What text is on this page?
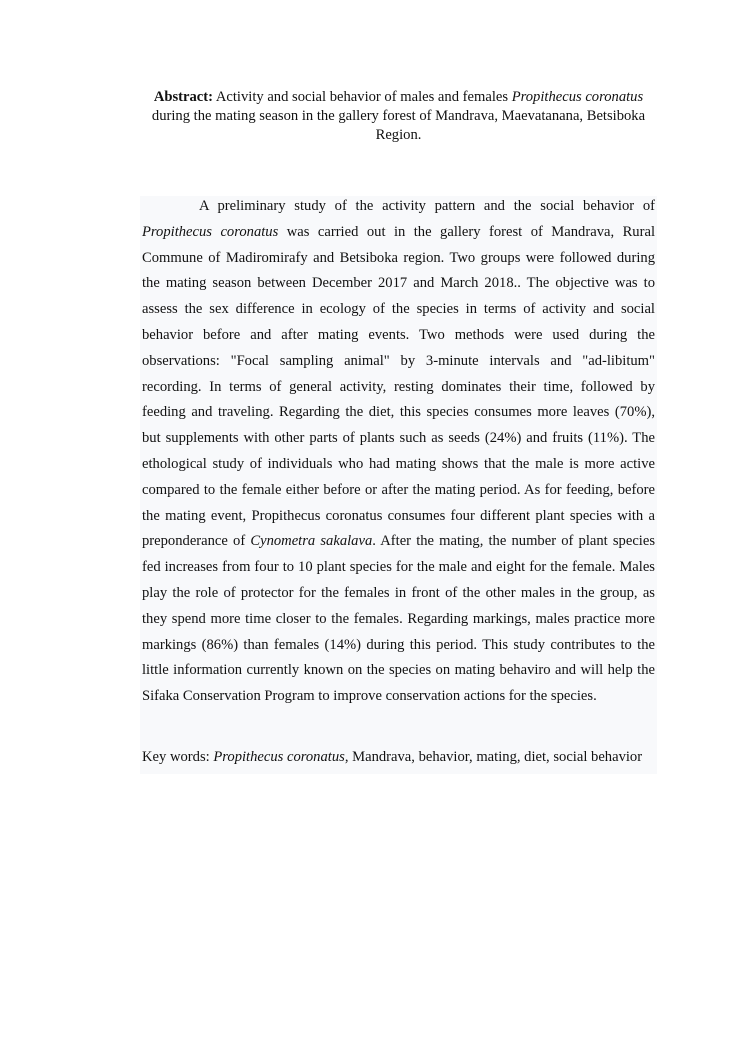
Abstract: Activity and social behavior of males and females Propithecus coronatus during the mating season in the gallery forest of Mandrava, Maevatanana, Betsiboka Region.

A preliminary study of the activity pattern and the social behavior of Propithecus coronatus was carried out in the gallery forest of Mandrava, Rural Commune of Madiromirafy and Betsiboka region. Two groups were followed during the mating season between December 2017 and March 2018.. The objective was to assess the sex difference in ecology of the species in terms of activity and social behavior before and after mating events. Two methods were used during the observations: "Focal sampling animal" by 3-minute intervals and "ad-libitum" recording. In terms of general activity, resting dominates their time, followed by feeding and traveling. Regarding the diet, this species consumes more leaves (70%), but supplements with other parts of plants such as seeds (24%) and fruits (11%). The ethological study of individuals who had mating shows that the male is more active compared to the female either before or after the mating period. As for feeding, before the mating event, Propithecus coronatus consumes four different plant species with a preponderance of Cynometra sakalava. After the mating, the number of plant species fed increases from four to 10 plant species for the male and eight for the female. Males play the role of protector for the females in front of the other males in the group, as they spend more time closer to the females. Regarding markings, males practice more markings (86%) than females (14%) during this period. This study contributes to the little information currently known on the species on mating behaviro and will help the Sifaka Conservation Program to improve conservation actions for the species.

Key words: Propithecus coronatus, Mandrava, behavior, mating, diet, social behavior
